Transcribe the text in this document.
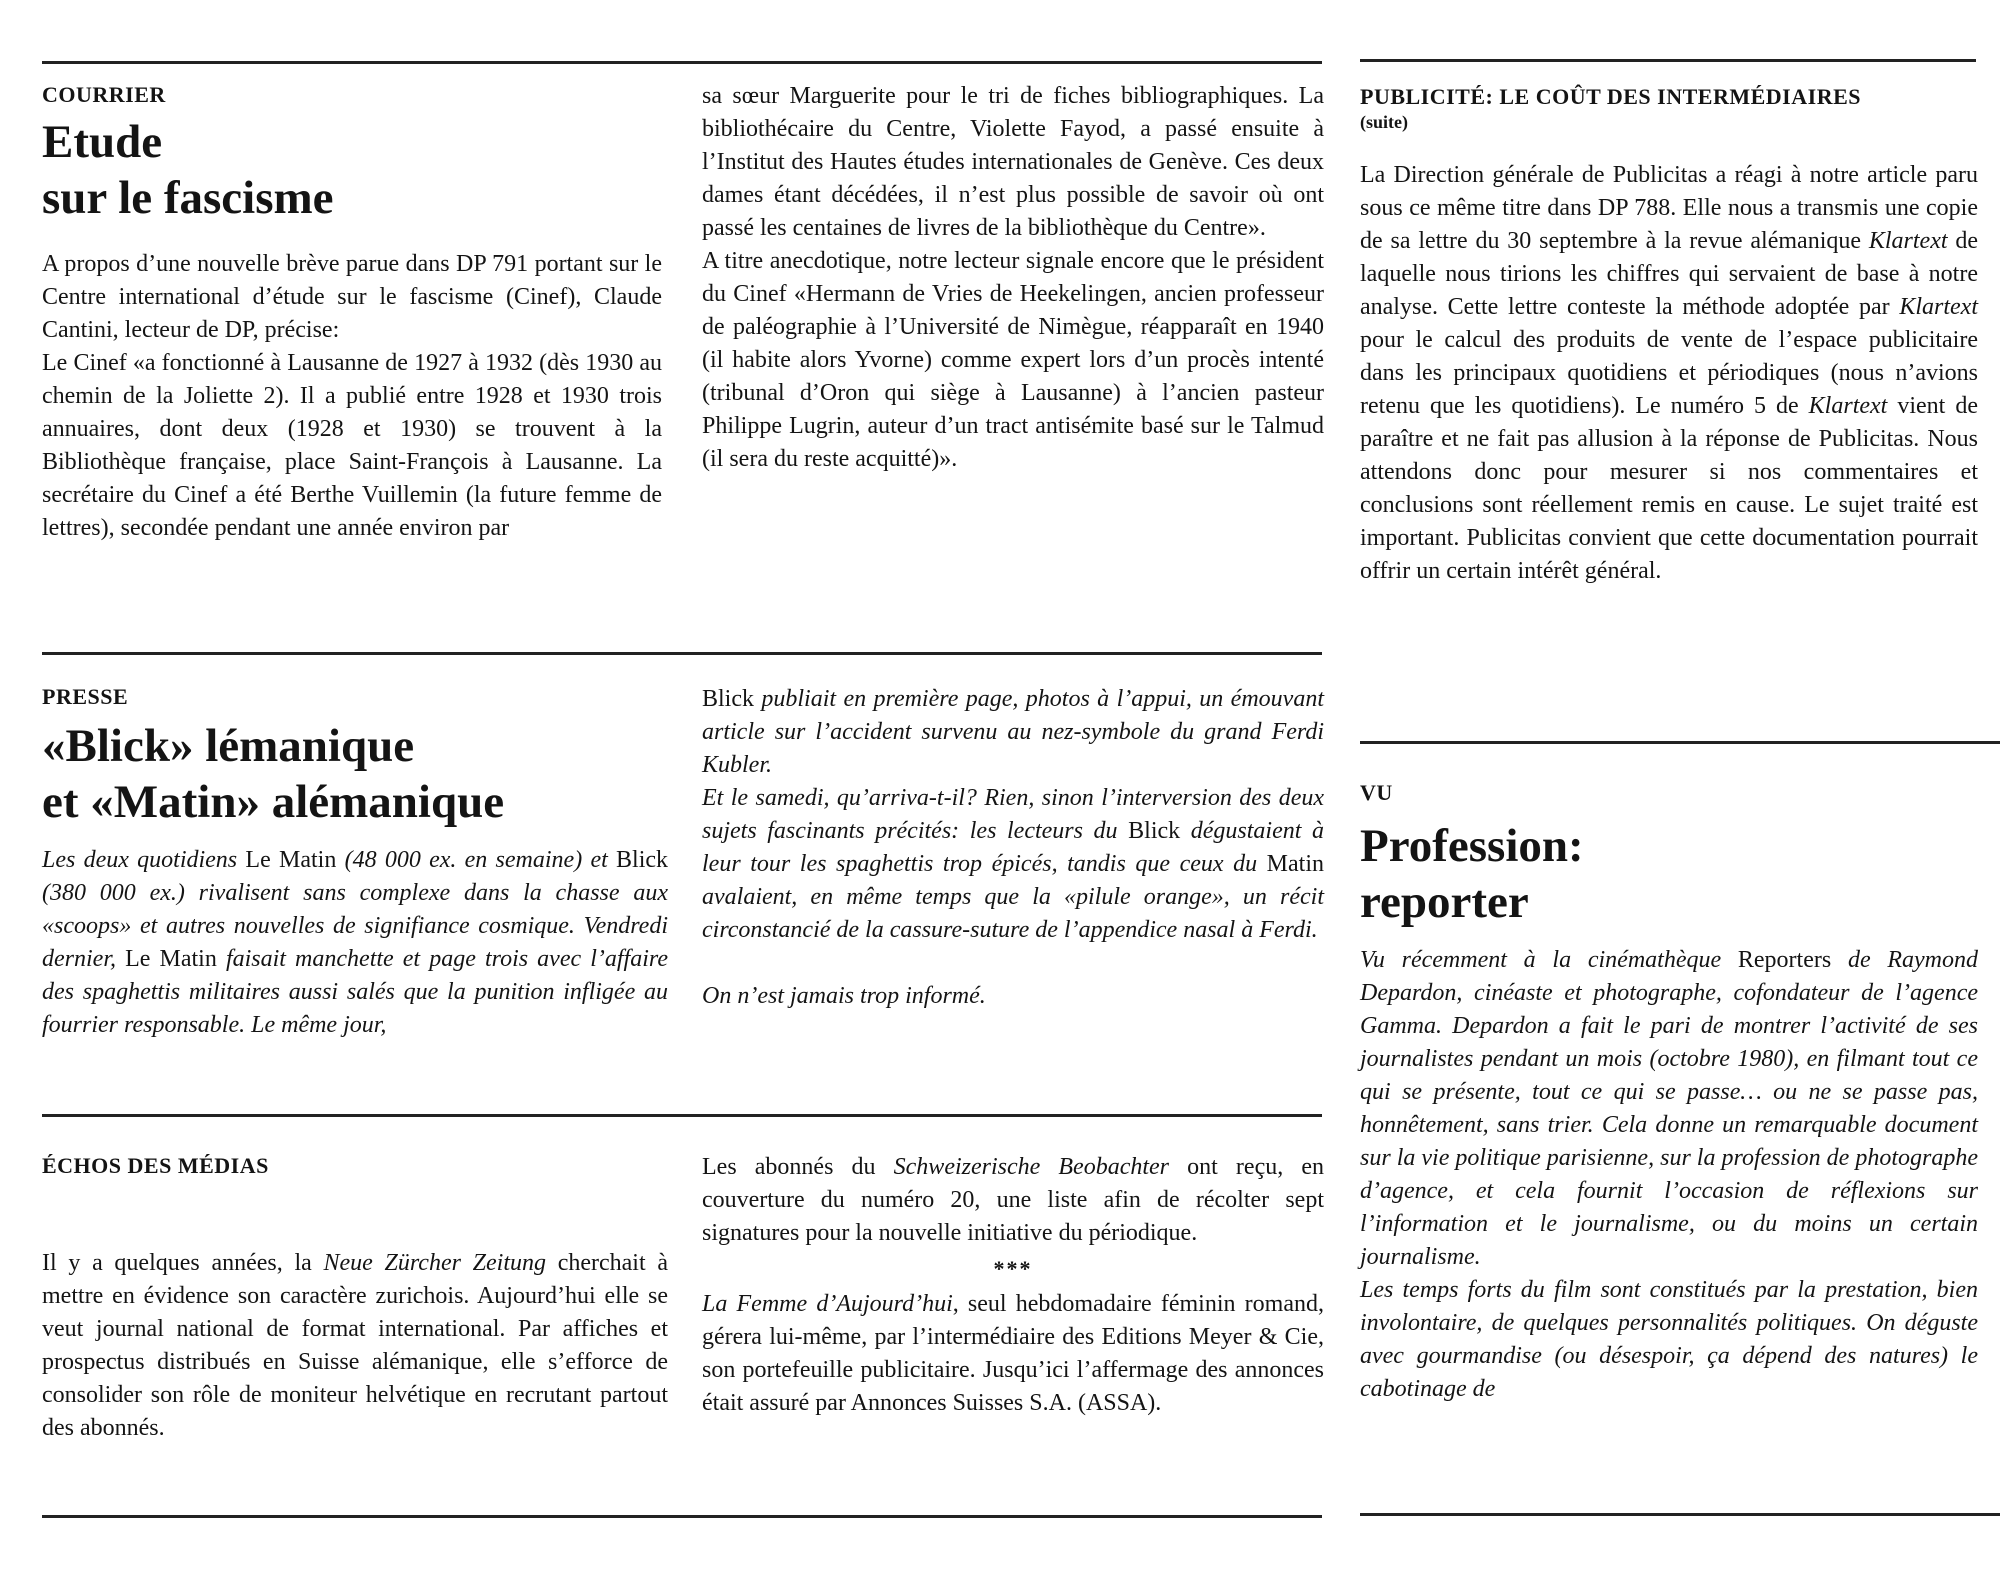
COURRIER

Etude
sur le fascisme

A propos d’une nouvelle brève parue dans DP 791 portant sur le Centre international d’étude sur le fascisme (Cinef), Claude Cantini, lecteur de DP, précise:

Le Cinef «a fonctionné à Lausanne de 1927 à 1932 (dès 1930 au chemin de la Joliette 2). Il a publié entre 1928 et 1930 trois annuaires, dont deux (1928 et 1930) se trouvent à la Bibliothèque française, place Saint-François à Lausanne. La secrétaire du Cinef a été Berthe Vuillemin (la future femme de lettres), secondée pendant une année environ par

sa sœur Marguerite pour le tri de fiches bibliographiques. La bibliothécaire du Centre, Violette Fayod, a passé ensuite à l’Institut des Hautes études internationales de Genève. Ces deux dames étant décédées, il n’est plus possible de savoir où ont passé les centaines de livres de la bibliothèque du Centre».

A titre anecdotique, notre lecteur signale encore que le président du Cinef «Hermann de Vries de Heekelingen, ancien professeur de paléographie à l’Université de Nimègue, réapparaît en 1940 (il habite alors Yvorne) comme expert lors d’un procès intenté (tribunal d’Oron qui siège à Lausanne) à l’ancien pasteur Philippe Lugrin, auteur d’un tract antisémite basé sur le Talmud (il sera du reste acquitté)».

PRESSE

«Blick» lémanique
et «Matin» alémanique

Les deux quotidiens Le Matin (48 000 ex. en semaine) et Blick (380 000 ex.) rivalisent sans complexe dans la chasse aux «scoops» et autres nouvelles de signifiance cosmique. Vendredi dernier, Le Matin faisait manchette et page trois avec l’affaire des spaghettis militaires aussi salés que la punition infligée au fourrier responsable. Le même jour,

Blick publiait en première page, photos à l’appui, un émouvant article sur l’accident survenu au nez-symbole du grand Ferdi Kubler.

Et le samedi, qu’arriva-t-il? Rien, sinon l’interversion des deux sujets fascinants précités: les lecteurs du Blick dégustaient à leur tour les spaghettis trop épicés, tandis que ceux du Matin avalaient, en même temps que la «pilule orange», un récit circonstancié de la cassure-suture de l’appendice nasal à Ferdi.

On n’est jamais trop informé.

ÉCHOS DES MÉDIAS

Il y a quelques années, la Neue Zürcher Zeitung cherchait à mettre en évidence son caractère zurichois. Aujourd’hui elle se veut journal national de format international. Par affiches et prospectus distribués en Suisse alémanique, elle s’efforce de consolider son rôle de moniteur helvétique en recrutant partout des abonnés.

Les abonnés du Schweizerische Beobachter ont reçu, en couverture du numéro 20, une liste afin de récolter sept signatures pour la nouvelle initiative du périodique.

***

La Femme d’Aujourd’hui, seul hebdomadaire féminin romand, gérera lui-même, par l’intermédiaire des Editions Meyer & Cie, son portefeuille publicitaire. Jusqu’ici l’affermage des annonces était assuré par Annonces Suisses S.A. (ASSA).

PUBLICITÉ: LE COÛT DES INTERMÉDIAIRES

(suite)

La Direction générale de Publicitas a réagi à notre article paru sous ce même titre dans DP 788. Elle nous a transmis une copie de sa lettre du 30 septembre à la revue alémanique Klartext de laquelle nous tirions les chiffres qui servaient de base à notre analyse. Cette lettre conteste la méthode adoptée par Klartext pour le calcul des produits de vente de l’espace publicitaire dans les principaux quotidiens et périodiques (nous n’avions retenu que les quotidiens). Le numéro 5 de Klartext vient de paraître et ne fait pas allusion à la réponse de Publicitas. Nous attendons donc pour mesurer si nos commentaires et conclusions sont réellement remis en cause. Le sujet traité est important. Publicitas convient que cette documentation pourrait offrir un certain intérêt général.

VU

Profession:
reporter

Vu récemment à la cinémathèque Reporters de Raymond Depardon, cinéaste et photographe, cofondateur de l’agence Gamma. Depardon a fait le pari de montrer l’activité de ses journalistes pendant un mois (octobre 1980), en filmant tout ce qui se présente, tout ce qui se passe… ou ne se passe pas, honnêtement, sans trier. Cela donne un remarquable document sur la vie politique parisienne, sur la profession de photographe d’agence, et cela fournit l’occasion de réflexions sur l’information et le journalisme, ou du moins un certain journalisme.

Les temps forts du film sont constitués par la prestation, bien involontaire, de quelques personnalités politiques. On déguste avec gourmandise (ou désespoir, ça dépend des natures) le cabotinage de
